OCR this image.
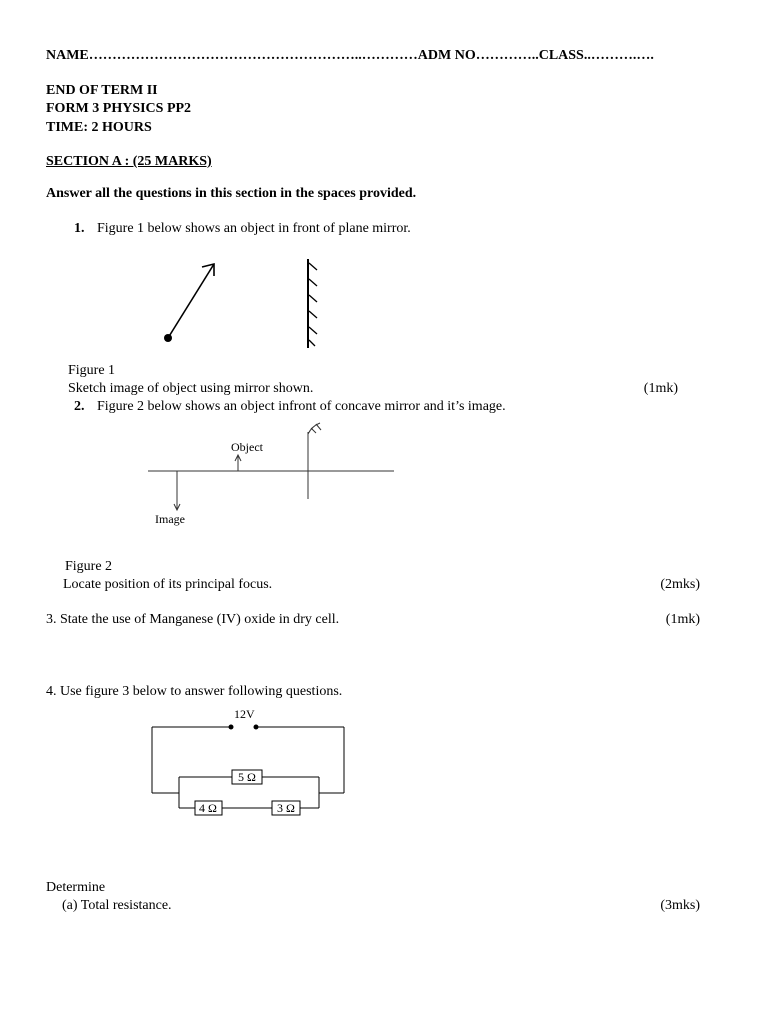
NAME…………………………………………………..…………ADM NO…………..CLASS..……….….
END OF TERM II
FORM 3 PHYSICS PP2
TIME: 2 HOURS
SECTION A : (25 MARKS)
Answer all the questions in this section in the spaces provided.
1. Figure 1 below shows an object in front of plane mirror.
Figure 1
Sketch image of object using mirror shown.	(1mk)
2. Figure 2 below shows an object infront of concave mirror and it’s image.
Object
Image
Figure 2
Locate position of its principal focus.	(2mks)
3. State the use of Manganese (IV) oxide in dry cell.	(1mk)
4. Use figure 3 below to answer following questions.
12V
5 Ω
4 Ω	3 Ω
Determine
(a) Total resistance.	(3mks)
